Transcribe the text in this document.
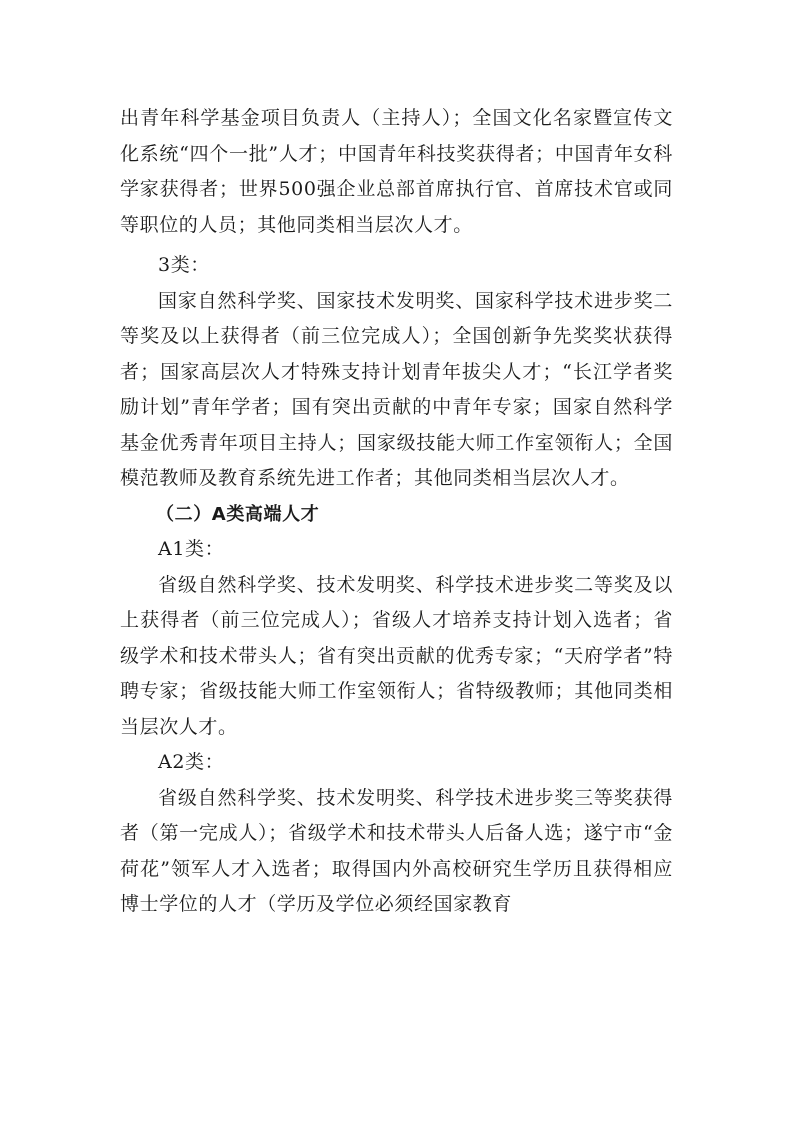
出青年科学基金项目负责人（主持人）；全国文化名家暨宣传文化系统“四个一批”人才；中国青年科技奖获得者；中国青年女科学家获得者；世界500强企业总部首席执行官、首席技术官或同等职位的人员；其他同类相当层次人才。

3类：

国家自然科学奖、国家技术发明奖、国家科学技术进步奖二等奖及以上获得者（前三位完成人）；全国创新争先奖奖状获得者；国家高层次人才特殊支持计划青年拔尖人才；“长江学者奖励计划”青年学者；国有突出贡献的中青年专家；国家自然科学基金优秀青年项目主持人；国家级技能大师工作室领衔人；全国模范教师及教育系统先进工作者；其他同类相当层次人才。

（二）A类高端人才

A1类：

省级自然科学奖、技术发明奖、科学技术进步奖二等奖及以上获得者（前三位完成人）；省级人才培养支持计划入选者；省级学术和技术带头人；省有突出贡献的优秀专家；“天府学者”特聘专家；省级技能大师工作室领衔人；省特级教师；其他同类相当层次人才。

A2类：

省级自然科学奖、技术发明奖、科学技术进步奖三等奖获得者（第一完成人）；省级学术和技术带头人后备人选；遂宁市“金荷花”领军人才入选者；取得国内外高校研究生学历且获得相应博士学位的人才（学历及学位必须经国家教育
